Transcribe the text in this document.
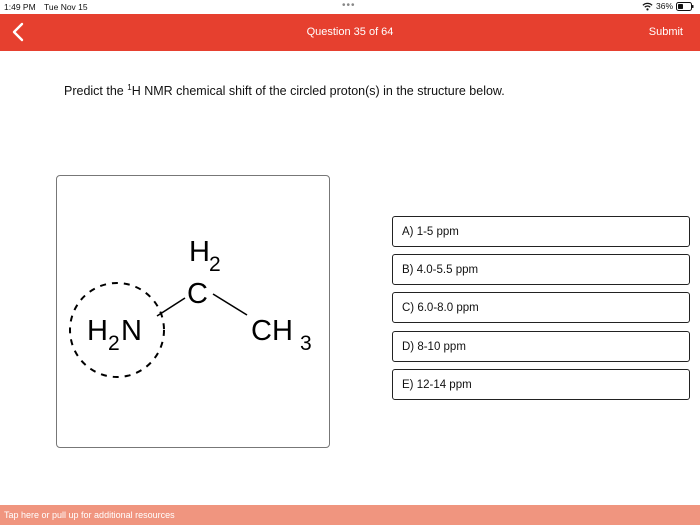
1:49 PM Tue Nov 15	•••	36%
Question 35 of 64	Submit
Predict the $^1$H NMR chemical shift of the circled proton(s) in the structure below.
H 2
C
H 2 N	CH 3
A) 1-5 ppm
B) 4.0-5.5 ppm
C) 6.0-8.0 ppm
D) 8-10 ppm
E) 12-14 ppm
Tap here or pull up for additional resources
